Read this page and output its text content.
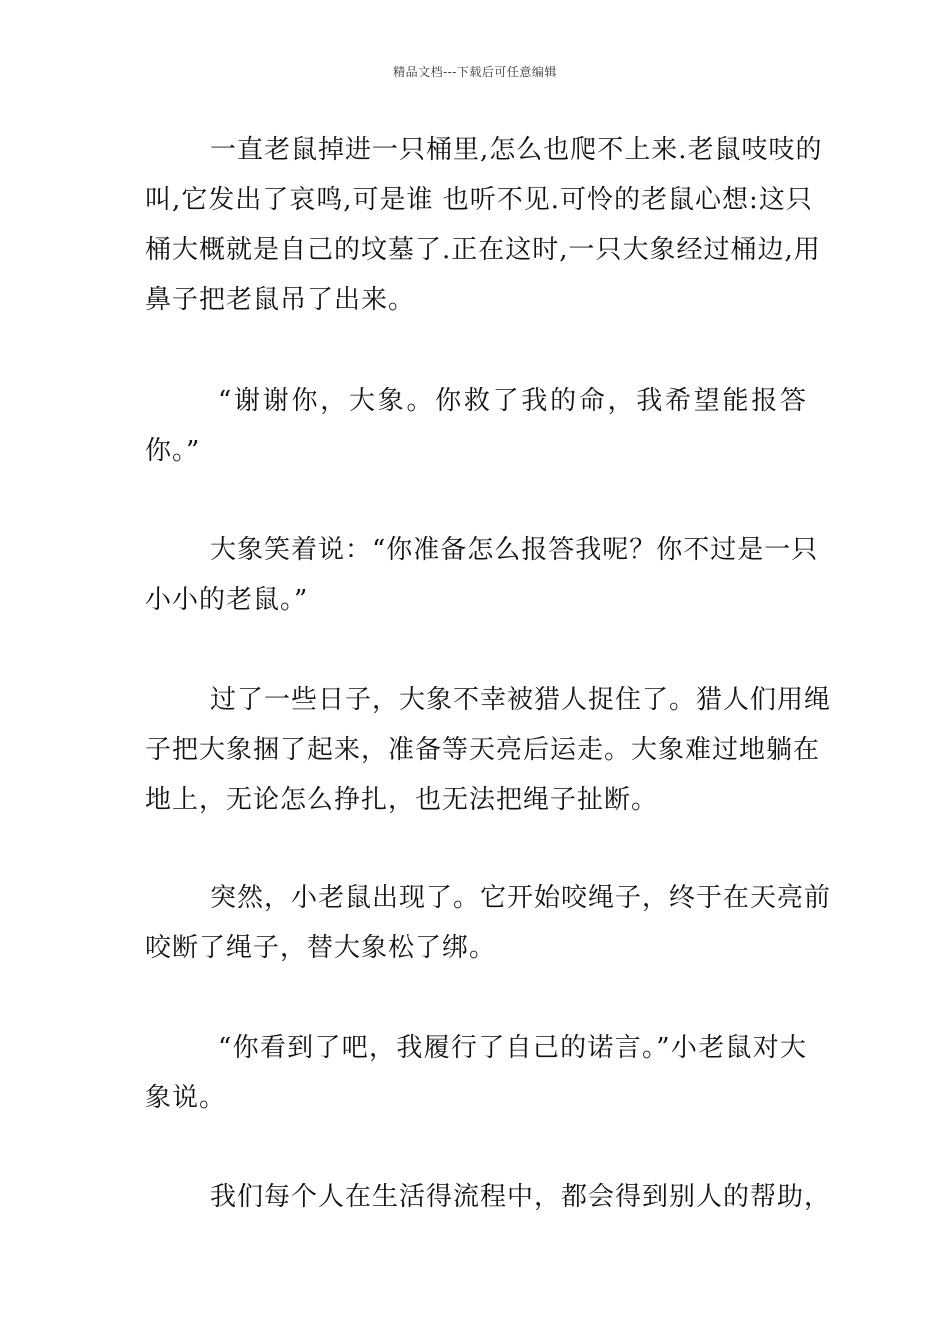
精品文档---下载后可任意编辑
一直老鼠掉进一只桶里,怎么也爬不上来.老鼠吱吱的
叫,它发出了哀鸣,可是谁 也听不见.可怜的老鼠心想:这只
桶大概就是自己的坟墓了.正在这时,一只大象经过桶边,用
鼻子把老鼠吊了出来。
“谢谢你，大象。你救了我的命，我希望能报答
你。”
大象笑着说：“你准备怎么报答我呢？你不过是一只
小小的老鼠。”
过了一些日子，大象不幸被猎人捉住了。猎人们用绳
子把大象捆了起来，准备等天亮后运走。大象难过地躺在
地上，无论怎么挣扎，也无法把绳子扯断。
突然，小老鼠出现了。它开始咬绳子，终于在天亮前
咬断了绳子，替大象松了绑。
“你看到了吧，我履行了自己的诺言。”小老鼠对大
象说。
我们每个人在生活得流程中，都会得到别人的帮助，
